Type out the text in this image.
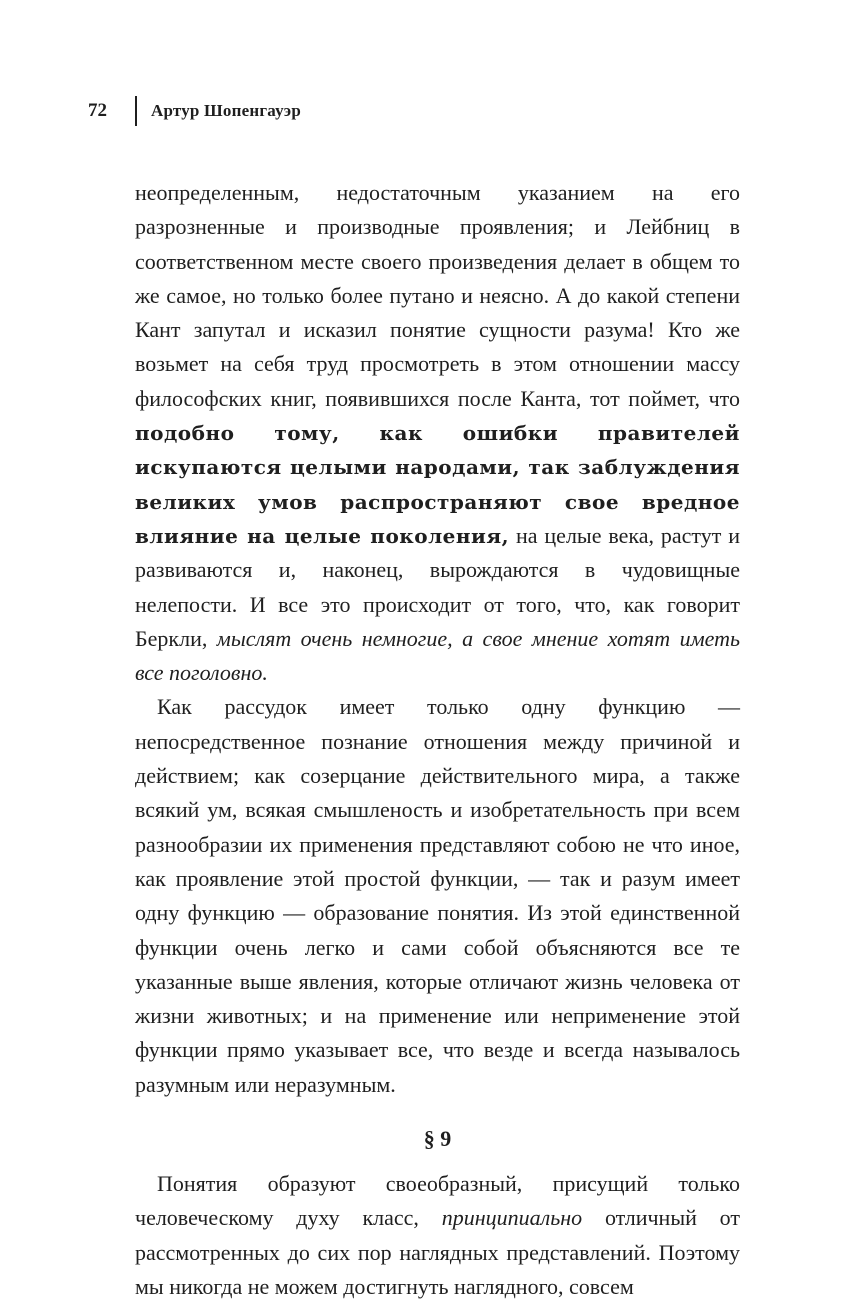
72	Артур Шопенгауэр

неопределенным, недостаточным указанием на его разрозненные и производные проявления; и Лейбниц в соответственном месте своего произведения делает в общем то же самое, но только более путано и неясно. А до какой степени Кант запутал и исказил понятие сущности разума! Кто же возьмет на себя труд просмотреть в этом отношении массу философских книг, появившихся после Канта, тот поймет, что подобно тому, как ошибки правителей искупаются целыми народами, так заблуждения великих умов распространяют свое вредное влияние на целые поколения, на целые века, растут и развиваются и, наконец, вырождаются в чудовищные нелепости. И все это происходит от того, что, как говорит Беркли, мыслят очень немногие, а свое мнение хотят иметь все поголовно.

Как рассудок имеет только одну функцию — непосредственное познание отношения между причиной и действием; как созерцание действительного мира, а также всякий ум, всякая смышленость и изобретательность при всем разнообразии их применения представляют собою не что иное, как проявление этой простой функции, — так и разум имеет одну функцию — образование понятия. Из этой единственной функции очень легко и сами собой объясняются все те указанные выше явления, которые отличают жизнь человека от жизни животных; и на применение или неприменение этой функции прямо указывает все, что везде и всегда называлось разумным или неразумным.

§ 9

Понятия образуют своеобразный, присущий только человеческому духу класс, принципиально отличный от рассмотренных до сих пор наглядных представлений. Поэтому мы никогда не можем достигнуть наглядного, совсем
